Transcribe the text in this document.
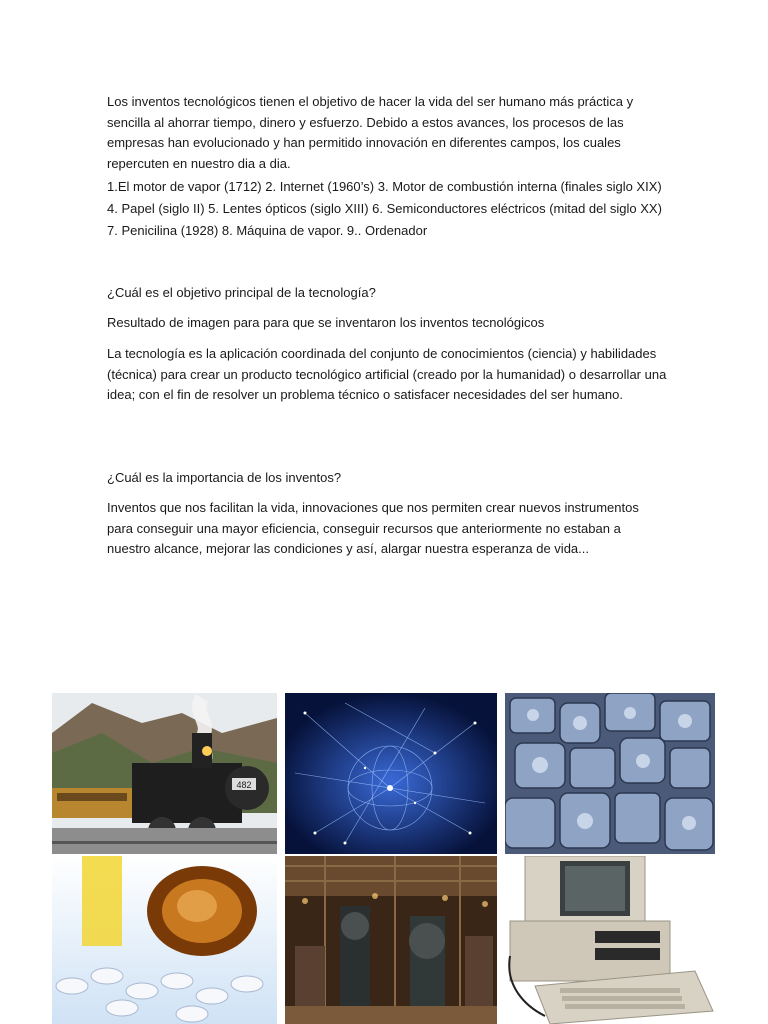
Los inventos tecnológicos tienen el objetivo de hacer la vida del ser humano más práctica y sencilla al ahorrar tiempo, dinero y esfuerzo. Debido a estos avances, los procesos de las empresas han evolucionado y han permitido innovación en diferentes campos, los cuales repercuten en nuestro dia a dia.

1.El motor de vapor (1712) 2. Internet (1960’s) 3. Motor de combustión interna (finales siglo XIX) 4. Papel (siglo II) 5. Lentes ópticos (siglo XIII) 6. Semiconductores eléctricos (mitad del siglo XX) 7. Penicilina (1928) 8. Máquina de vapor. 9.. Ordenador

¿Cuál es el objetivo principal de la tecnología?

Resultado de imagen para para que se inventaron los inventos tecnológicos

La tecnología es la aplicación coordinada del conjunto de conocimientos (ciencia) y habilidades (técnica) para crear un producto tecnológico artificial (creado por la humanidad) o desarrollar una idea; con el fin de resolver un problema técnico o satisfacer necesidades del ser humano.

¿Cuál es la importancia de los inventos?

Inventos que nos facilitan la vida, innovaciones que nos permiten crear nuevos instrumentos para conseguir una mayor eficiencia, conseguir recursos que anteriormente no estaban a nuestro alcance, mejorar las condiciones y así, alargar nuestra esperanza de vida...

482
